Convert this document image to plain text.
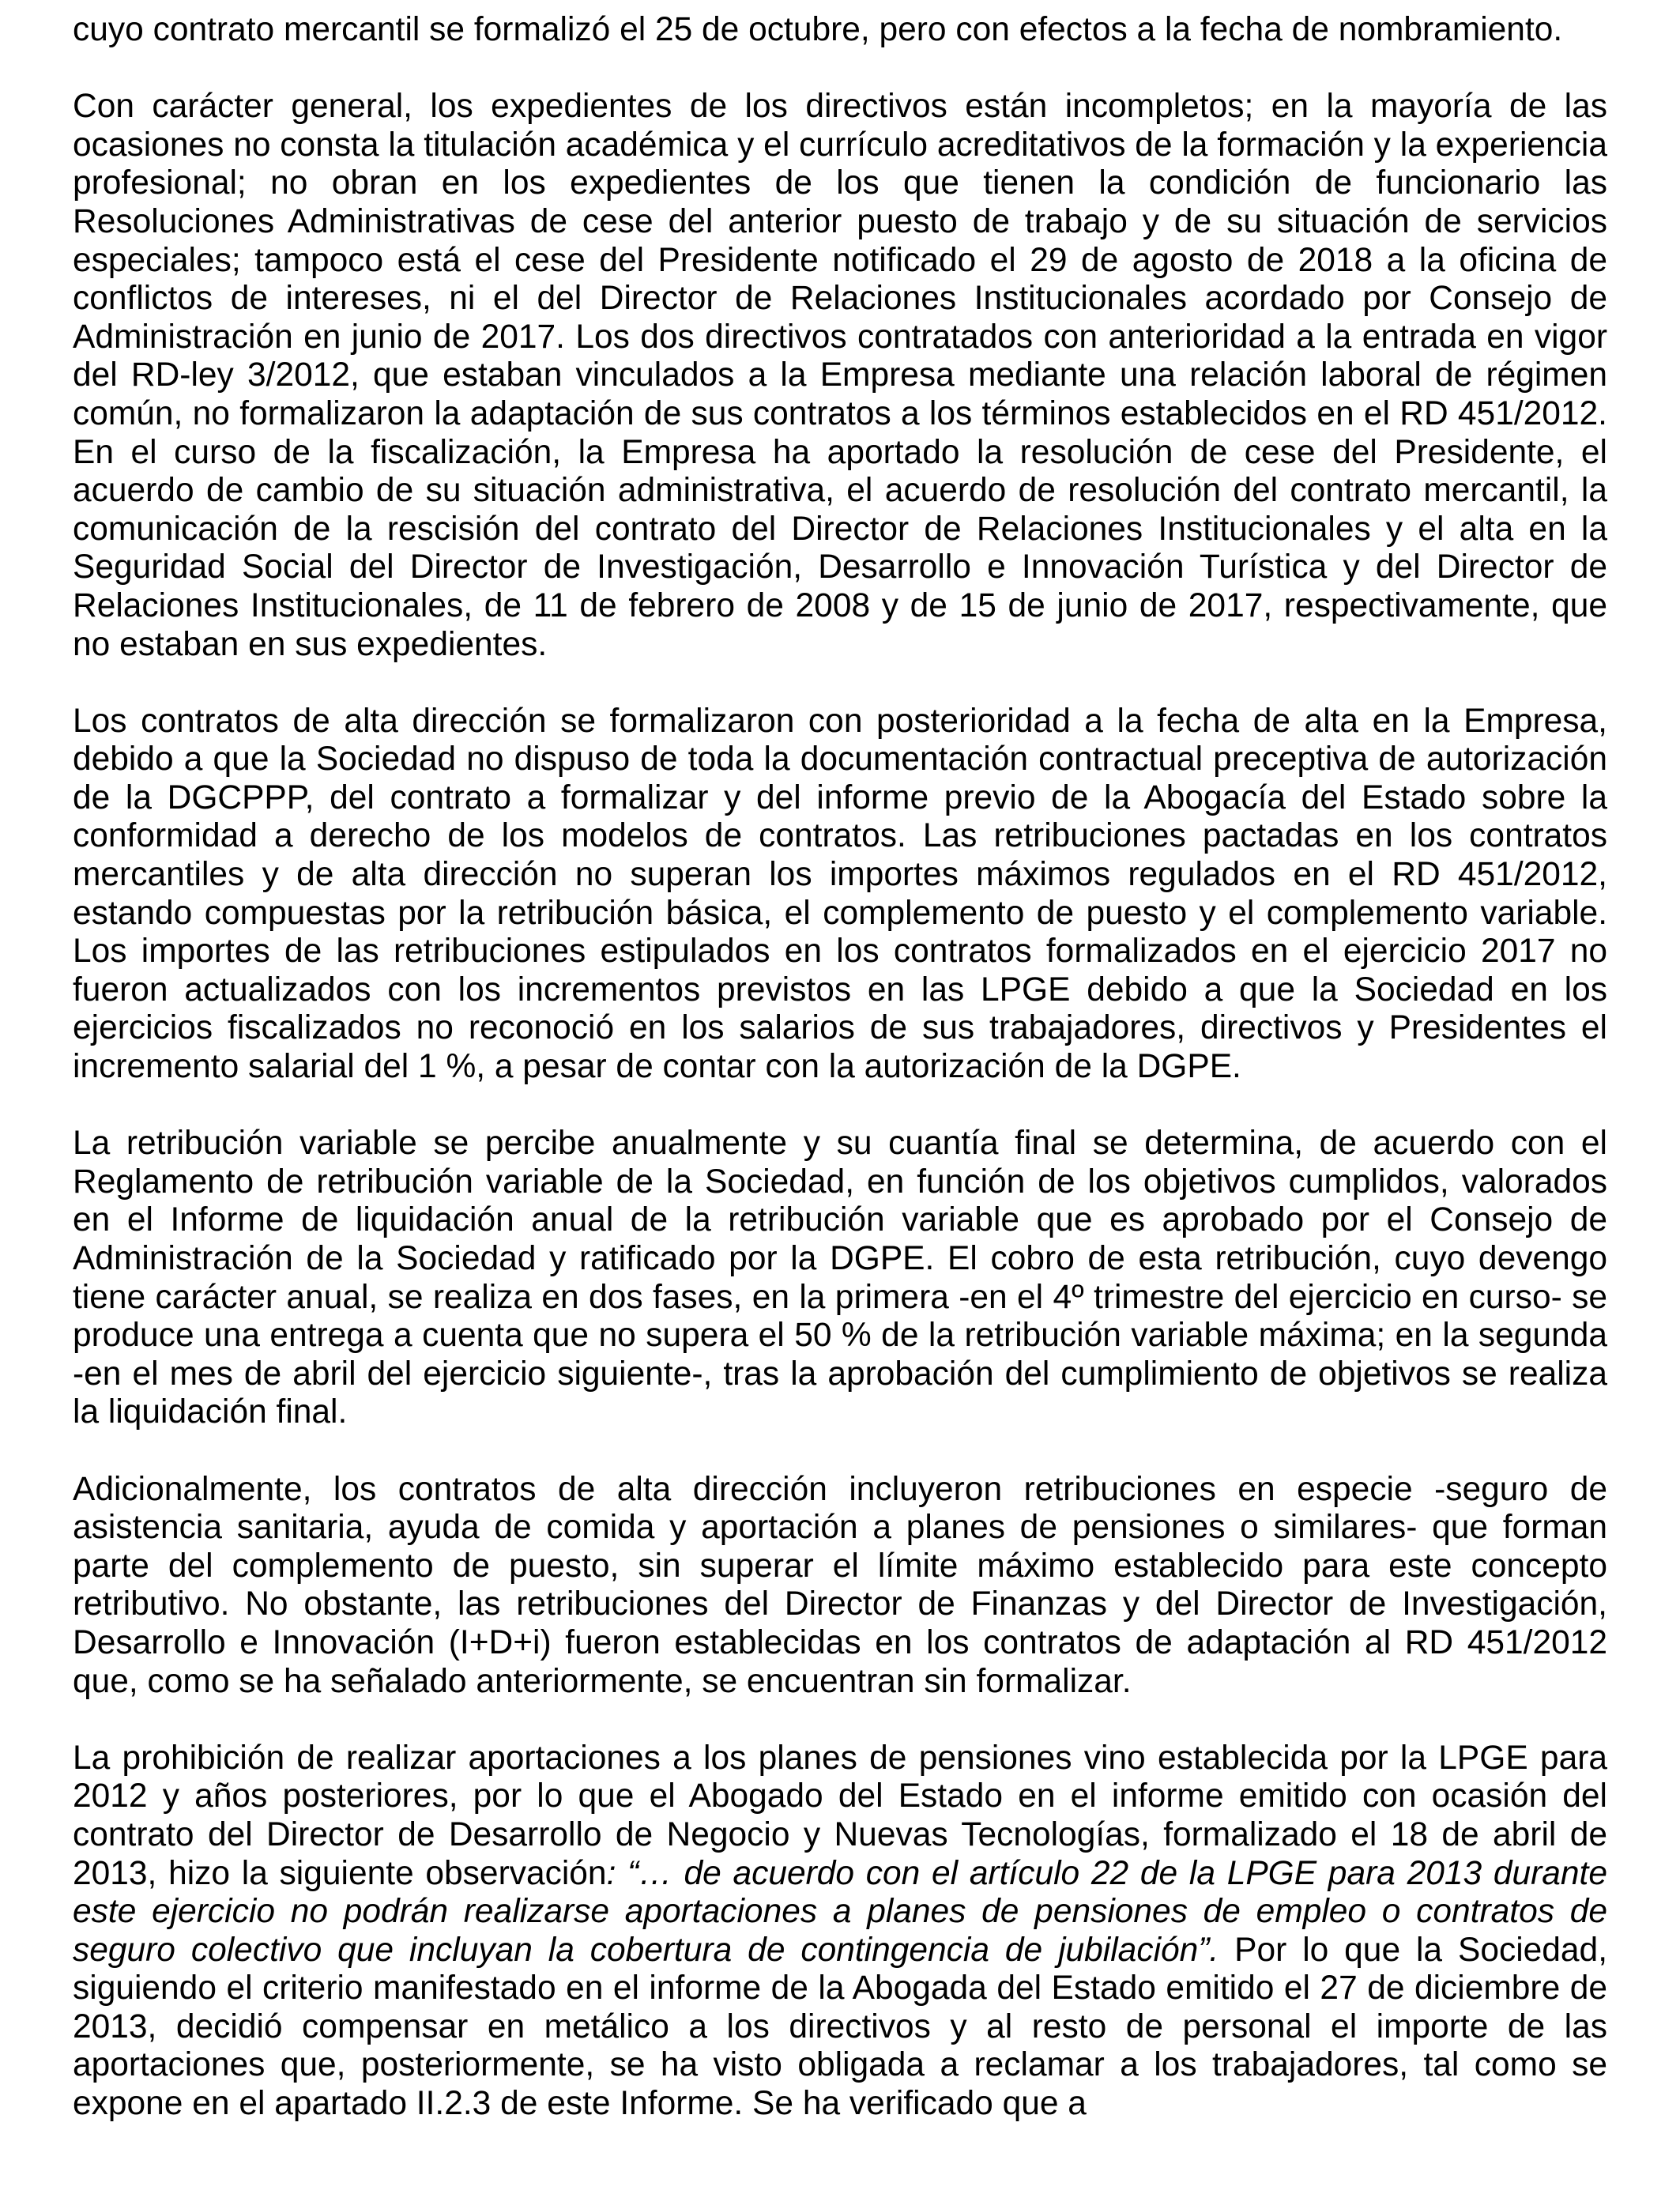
cuyo contrato mercantil se formalizó el 25 de octubre, pero con efectos a la fecha de nombramiento.

Con carácter general, los expedientes de los directivos están incompletos; en la mayoría de las ocasiones no consta la titulación académica y el currículo acreditativos de la formación y la experiencia profesional; no obran en los expedientes de los que tienen la condición de funcionario las Resoluciones Administrativas de cese del anterior puesto de trabajo y de su situación de servicios especiales; tampoco está el cese del Presidente notificado el 29 de agosto de 2018 a la oficina de conflictos de intereses, ni el del Director de Relaciones Institucionales acordado por Consejo de Administración en junio de 2017. Los dos directivos contratados con anterioridad a la entrada en vigor del RD-ley 3/2012, que estaban vinculados a la Empresa mediante una relación laboral de régimen común, no formalizaron la adaptación de sus contratos a los términos establecidos en el RD 451/2012. En el curso de la fiscalización, la Empresa ha aportado la resolución de cese del Presidente, el acuerdo de cambio de su situación administrativa, el acuerdo de resolución del contrato mercantil, la comunicación de la rescisión del contrato del Director de Relaciones Institucionales y el alta en la Seguridad Social del Director de Investigación, Desarrollo e Innovación Turística y del Director de Relaciones Institucionales, de 11 de febrero de 2008 y de 15 de junio de 2017, respectivamente, que no estaban en sus expedientes.

Los contratos de alta dirección se formalizaron con posterioridad a la fecha de alta en la Empresa, debido a que la Sociedad no dispuso de toda la documentación contractual preceptiva de autorización de la DGCPPP, del contrato a formalizar y del informe previo de la Abogacía del Estado sobre la conformidad a derecho de los modelos de contratos. Las retribuciones pactadas en los contratos mercantiles y de alta dirección no superan los importes máximos regulados en el RD 451/2012, estando compuestas por la retribución básica, el complemento de puesto y el complemento variable. Los importes de las retribuciones estipulados en los contratos formalizados en el ejercicio 2017 no fueron actualizados con los incrementos previstos en las LPGE debido a que la Sociedad en los ejercicios fiscalizados no reconoció en los salarios de sus trabajadores, directivos y Presidentes el incremento salarial del 1 %, a pesar de contar con la autorización de la DGPE.

La retribución variable se percibe anualmente y su cuantía final se determina, de acuerdo con el Reglamento de retribución variable de la Sociedad, en función de los objetivos cumplidos, valorados en el Informe de liquidación anual de la retribución variable que es aprobado por el Consejo de Administración de la Sociedad y ratificado por la DGPE. El cobro de esta retribución, cuyo devengo tiene carácter anual, se realiza en dos fases, en la primera -en el 4º trimestre del ejercicio en curso- se produce una entrega a cuenta que no supera el 50 % de la retribución variable máxima; en la segunda -en el mes de abril del ejercicio siguiente-, tras la aprobación del cumplimiento de objetivos se realiza la liquidación final.

Adicionalmente, los contratos de alta dirección incluyeron retribuciones en especie -seguro de asistencia sanitaria, ayuda de comida y aportación a planes de pensiones o similares- que forman parte del complemento de puesto, sin superar el límite máximo establecido para este concepto retributivo. No obstante, las retribuciones del Director de Finanzas y del Director de Investigación, Desarrollo e Innovación (I+D+i) fueron establecidas en los contratos de adaptación al RD 451/2012 que, como se ha señalado anteriormente, se encuentran sin formalizar.

La prohibición de realizar aportaciones a los planes de pensiones vino establecida por la LPGE para 2012 y años posteriores, por lo que el Abogado del Estado en el informe emitido con ocasión del contrato del Director de Desarrollo de Negocio y Nuevas Tecnologías, formalizado el 18 de abril de 2013, hizo la siguiente observación: “… de acuerdo con el artículo 22 de la LPGE para 2013 durante este ejercicio no podrán realizarse aportaciones a planes de pensiones de empleo o contratos de seguro colectivo que incluyan la cobertura de contingencia de jubilación”. Por lo que la Sociedad, siguiendo el criterio manifestado en el informe de la Abogada del Estado emitido el 27 de diciembre de 2013, decidió compensar en metálico a los directivos y al resto de personal el importe de las aportaciones que, posteriormente, se ha visto obligada a reclamar a los trabajadores, tal como se expone en el apartado II.2.3 de este Informe. Se ha verificado que a
